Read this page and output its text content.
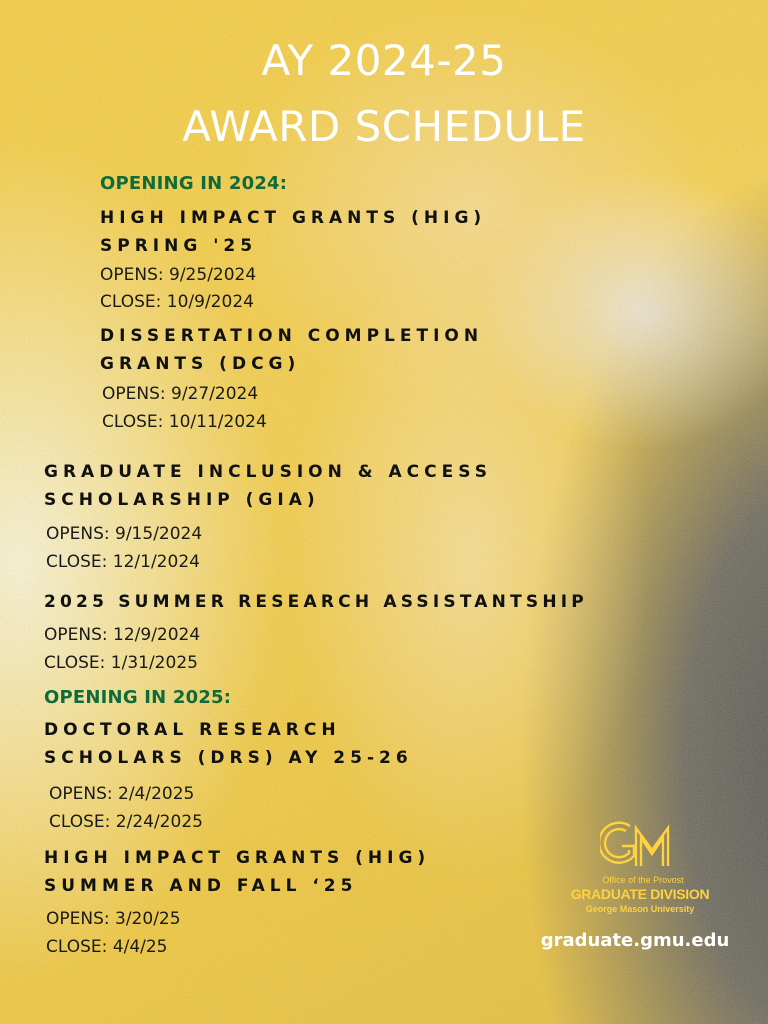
AY 2024-25
AWARD SCHEDULE
OPENING IN 2024:
HIGH IMPACT GRANTS (HIG)
SPRING '25
OPENS: 9/25/2024
CLOSE: 10/9/2024
DISSERTATION COMPLETION
GRANTS (DCG)
OPENS: 9/27/2024
CLOSE: 10/11/2024
GRADUATE INCLUSION & ACCESS
SCHOLARSHIP (GIA)
OPENS: 9/15/2024
CLOSE: 12/1/2024
2025 SUMMER RESEARCH ASSISTANTSHIP
OPENS: 12/9/2024
CLOSE: 1/31/2025
OPENING IN 2025:
DOCTORAL RESEARCH
SCHOLARS (DRS) AY 25-26
OPENS: 2/4/2025
CLOSE: 2/24/2025
HIGH IMPACT GRANTS (HIG)
SUMMER AND FALL ‘25
OPENS: 3/20/25
CLOSE: 4/4/25
Office of the Provost
GRADUATE DIVISION
George Mason University
graduate.gmu.edu
